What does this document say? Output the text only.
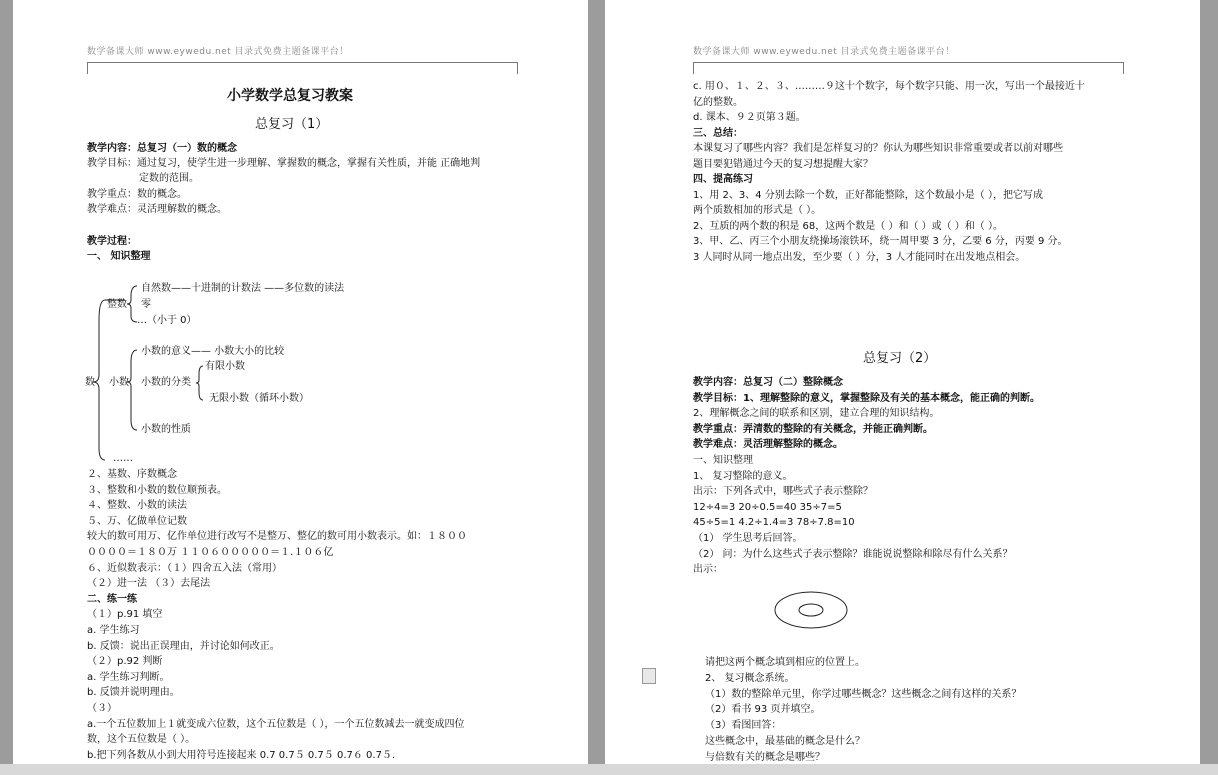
数学备课大师 www.eywedu.net 目录式免费主题备课平台！
小学数学总复习教案
总复习（1）
教学内容：总复习（一）数的概念
教学目标：通过复习，使学生进一步理解、掌握数的概念，掌握有关性质，并能 正确地判
定数的范围。
教学重点：数的概念。
教学难点：灵活理解数的概念。
教学过程：
一、 知识整理
数
整数
自然数——十进制的计数法 ——多位数的读法
零
…（小于 0）
小数
小数的意义—— 小数大小的比较
小数的分类
有限小数
无限小数（循环小数）
小数的性质
……
２、基数、序数概念
３、整数和小数的数位顺预表。
４、整数、小数的读法
５、万、亿做单位记数
较大的数可用万、亿作单位进行改写不是整万、整亿的数可用小数表示。如：１８００
００００＝１８０万 １１０６０００００＝１.１０６亿
６、近似数表示：（１）四舍五入法（常用）
（２）进一法 （３）去尾法
二、练一练
（１）p.91 填空
a. 学生练习
b. 反馈：说出正误理由，并讨论如何改正。
（２）p.92 判断
a. 学生练习判断。
b. 反馈并说明理由。
（３）
a.一个五位数加上１就变成六位数，这个五位数是（ ），一个五位数减去一就变成四位
数，这个五位数是（ ）。
b.把下列各数从小到大用符号连接起来 0.7 0.7５ 0.7５ 0.7６ 0.7５.
数学备课大师 www.eywedu.net 目录式免费主题备课平台！
c. 用０、１、２、３、………９这十个数字，每个数字只能、用一次，写出一个最接近十
亿的整数。
d. 课本、９２页第３题。
三、总结：
本课复习了哪些内容？我们是怎样复习的？你认为哪些知识非常重要或者以前对哪些
题目要犯错通过今天的复习想提醒大家？
四、提高练习
1、用 2、3、4 分别去除一个数，正好都能整除，这个数最小是（ ），把它写成
两个质数相加的形式是（ ）。
2、互质的两个数的积是 68，这两个数是（ ）和（ ）或（ ）和（ ）。
3、甲、乙、丙三个小朋友绕操场滚铁环，绕一周甲要 3 分，乙要 6 分，丙要 9 分。
3 人同时从同一地点出发，至少要（ ）分，3 人才能同时在出发地点相会。
总复习（2）
教学内容：总复习（二）整除概念
教学目标：1、理解整除的意义，掌握整除及有关的基本概念，能正确的判断。
2、理解概念之间的联系和区别，建立合理的知识结构。
教学重点：弄清数的整除的有关概念，并能正确判断。
教学难点：灵活理解整除的概念。
一、知识整理
1、 复习整除的意义。
出示：下列各式中，哪些式子表示整除？
12÷4=3 20÷0.5=40 35÷7=5
45÷5=1 4.2÷1.4=3 78÷7.8=10
（1） 学生思考后回答。
（2） 问：为什么这些式子表示整除？谁能说说整除和除尽有什么关系？
出示：
请把这两个概念填到相应的位置上。
2、 复习概念系统。
（1）数的整除单元里，你学过哪些概念？这些概念之间有这样的关系？
（2）看书 93 页并填空。
（3）看图回答：
这些概念中，最基础的概念是什么？
与倍数有关的概念是哪些？
